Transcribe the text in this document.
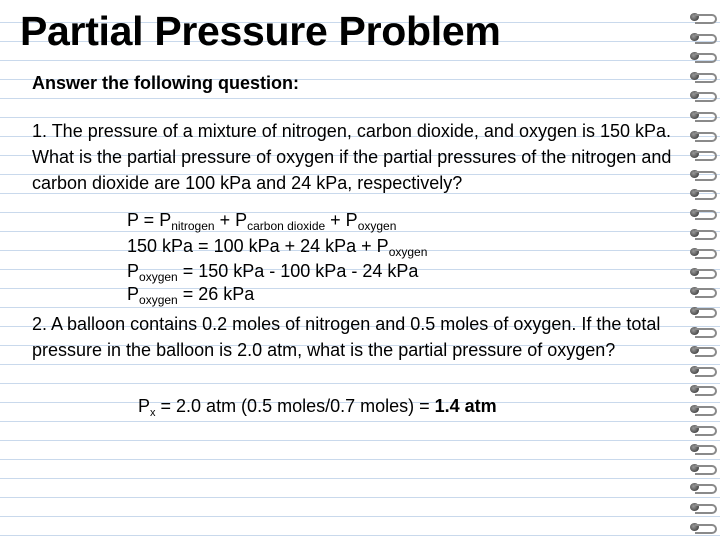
Partial Pressure Problem
Answer the following question:
1. The pressure of a mixture of nitrogen, carbon dioxide, and oxygen is 150 kPa. What is the partial pressure of oxygen if the partial pressures of the nitrogen and carbon dioxide are 100 kPa and 24 kPa, respectively?
$P = P_{nitrogen} + P_{carbon dioxide} + P_{oxygen}$
150 kPa = 100 kPa + 24 kPa + $P_{oxygen}$
$P_{oxygen} = 150$ kPa - 100 kPa - 24 kPa
$P_{oxygen} = 26$ kPa
2. A balloon contains 0.2 moles of nitrogen and 0.5 moles of oxygen. If the total pressure in the balloon is 2.0 atm, what is the partial pressure of oxygen?
$P_x = 2.0$ atm (0.5 moles/0.7 moles) = 1.4 atm
